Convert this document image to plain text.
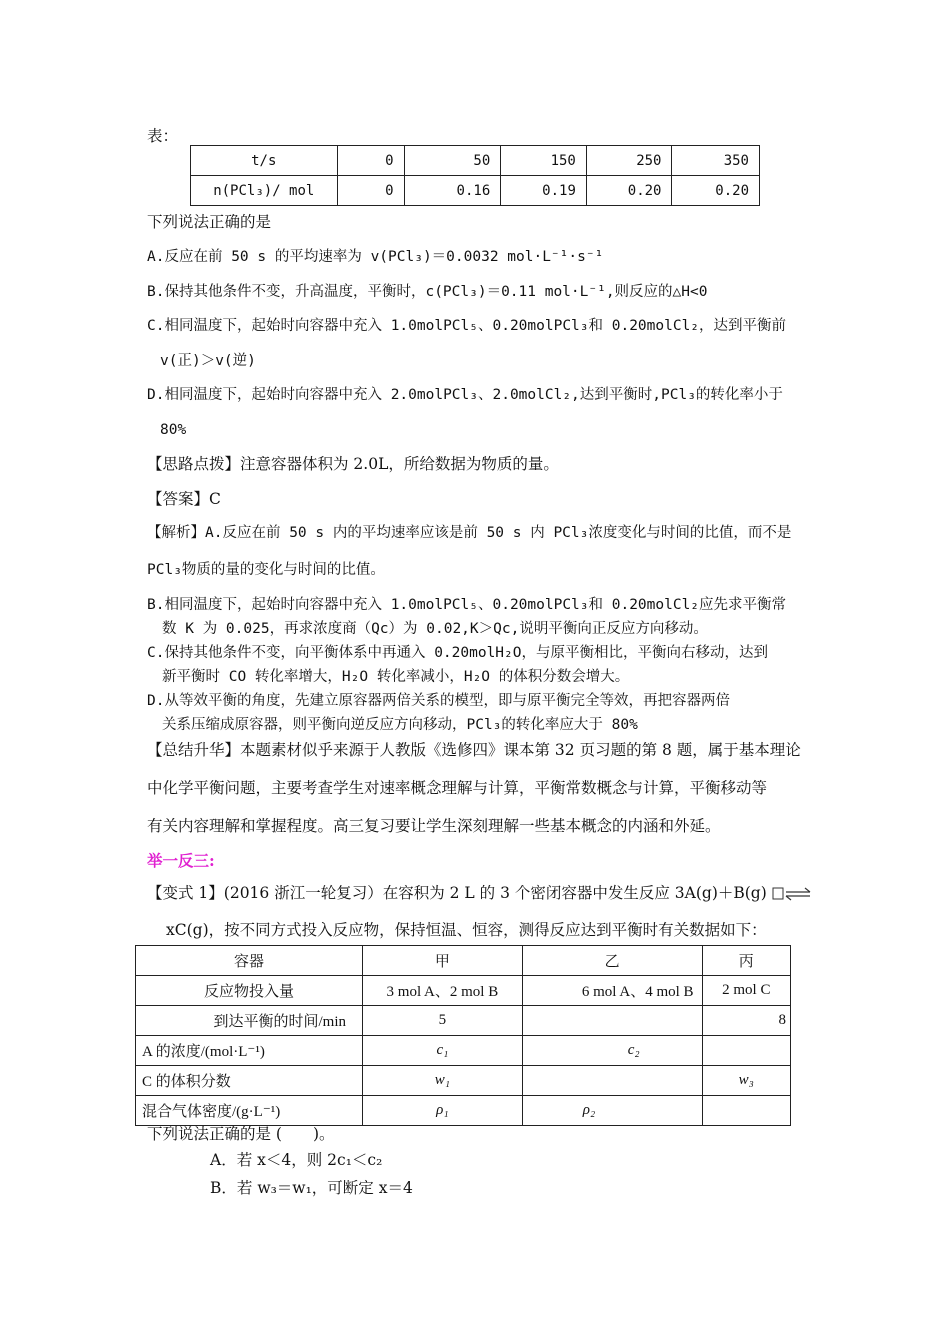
表：
t/s	0	50	150	250	350
n(PCl₃)/ mol	0	0.16	0.19	0.20	0.20
下列说法正确的是
A.反应在前 50 s 的平均速率为 v(PCl₃)＝0.0032 mol·L⁻¹·s⁻¹
B.保持其他条件不变，升高温度，平衡时，c(PCl₃)＝0.11 mol·L⁻¹,则反应的△H<0
C.相同温度下，起始时向容器中充入 1.0molPCl₅、0.20molPCl₃和 0.20molCl₂，达到平衡前
v(正)＞v(逆)
D.相同温度下，起始时向容器中充入 2.0molPCl₃、2.0molCl₂,达到平衡时,PCl₃的转化率小于
80%
【思路点拨】注意容器体积为 2.0L，所给数据为物质的量。
【答案】C
【解析】A.反应在前 50 s 内的平均速率应该是前 50 s 内 PCl₃浓度变化与时间的比值，而不是
PCl₃物质的量的变化与时间的比值。
B.相同温度下，起始时向容器中充入 1.0molPCl₅、0.20molPCl₃和 0.20molCl₂应先求平衡常
数 K 为 0.025，再求浓度商（Qc）为 0.02,K＞Qc,说明平衡向正反应方向移动。
C.保持其他条件不变，向平衡体系中再通入 0.20molH₂O，与原平衡相比，平衡向右移动，达到
新平衡时 CO 转化率增大，H₂O 转化率减小，H₂O 的体积分数会增大。
D.从等效平衡的角度，先建立原容器两倍关系的模型，即与原平衡完全等效，再把容器两倍
关系压缩成原容器，则平衡向逆反应方向移动，PCl₃的转化率应大于 80%
【总结升华】本题素材似乎来源于人教版《选修四》课本第 32 页习题的第 8 题，属于基本理论
中化学平衡问题，主要考查学生对速率概念理解与计算，平衡常数概念与计算，平衡移动等
有关内容理解和掌握程度。高三复习要让学生深刻理解一些基本概念的内涵和外延。
举一反三:
【变式 1】(2016 浙江一轮复习）在容积为 2 L 的 3 个密闭容器中发生反应 3A(g)＋B(g) ⇌
xC(g)，按不同方式投入反应物，保持恒温、恒容，测得反应达到平衡时有关数据如下：
容器	甲	乙	丙
反应物投入量	3 mol A、2 mol B	6 mol A、4 mol B	2 mol C
到达平衡的时间/min	5		8
A 的浓度/(mol·L⁻¹)	c₁	c₂	
C 的体积分数	w₁		w₃
混合气体密度/(g·L⁻¹)	ρ₁	ρ₂	
下列说法正确的是 (　　)。
A．若 x＜4，则 2c₁＜c₂
B．若 w₃＝w₁，可断定 x＝4
